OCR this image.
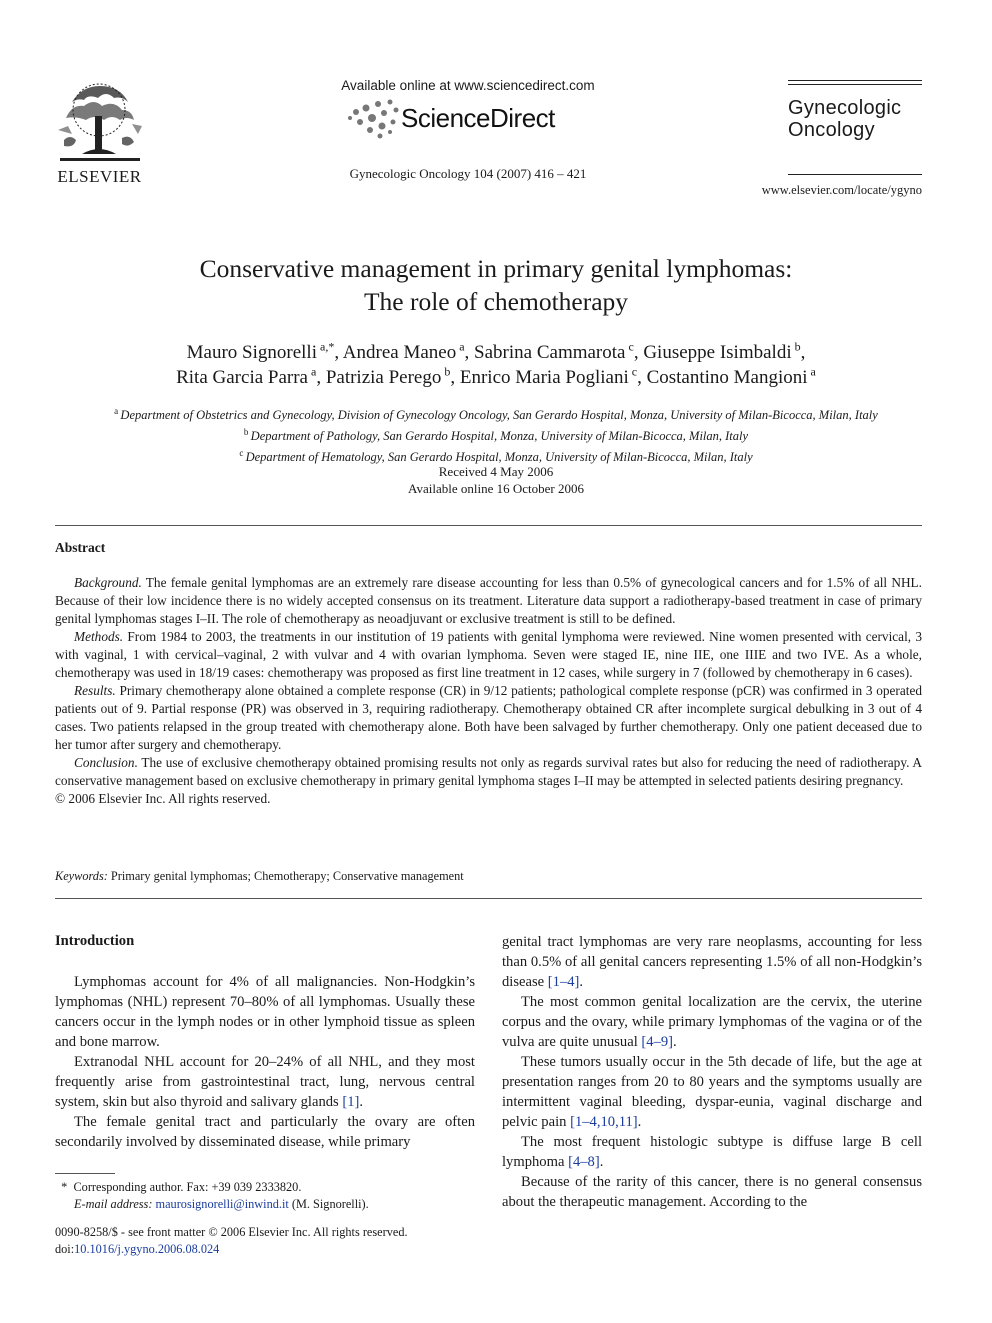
ELSEVIER
Available online at www.sciencedirect.com
ScienceDirect
Gynecologic Oncology 104 (2007) 416 – 421
Gynecologic
Oncology
www.elsevier.com/locate/ygyno
Conservative management in primary genital lymphomas:
The role of chemotherapy
Mauro Signorelli $^{a,*}$, Andrea Maneo $^a$, Sabrina Cammarota $^c$, Giuseppe Isimbaldi $^b$,
Rita Garcia Parra $^a$, Patrizia Perego $^b$, Enrico Maria Pogliani $^c$, Costantino Mangioni $^a$
$^a$ Department of Obstetrics and Gynecology, Division of Gynecology Oncology, San Gerardo Hospital, Monza, University of Milan-Bicocca, Milan, Italy
$^b$ Department of Pathology, San Gerardo Hospital, Monza, University of Milan-Bicocca, Milan, Italy
$^c$ Department of Hematology, San Gerardo Hospital, Monza, University of Milan-Bicocca, Milan, Italy
Received 4 May 2006
Available online 16 October 2006
Abstract

Background. The female genital lymphomas are an extremely rare disease accounting for less than 0.5% of gynecological cancers and for 1.5% of all NHL. Because of their low incidence there is no widely accepted consensus on its treatment. Literature data support a radiotherapy-based treatment in case of primary genital lymphomas stages I–II. The role of chemotherapy as neoadjuvant or exclusive treatment is still to be defined.

Methods. From 1984 to 2003, the treatments in our institution of 19 patients with genital lymphoma were reviewed. Nine women presented with cervical, 3 with vaginal, 1 with cervical–vaginal, 2 with vulvar and 4 with ovarian lymphoma. Seven were staged IE, nine IIE, one IIIE and two IVE. As a whole, chemotherapy was used in 18/19 cases: chemotherapy was proposed as first line treatment in 12 cases, while surgery in 7 (followed by chemotherapy in 6 cases).

Results. Primary chemotherapy alone obtained a complete response (CR) in 9/12 patients; pathological complete response (pCR) was confirmed in 3 operated patients out of 9. Partial response (PR) was observed in 3, requiring radiotherapy. Chemotherapy obtained CR after incomplete surgical debulking in 3 out of 4 cases. Two patients relapsed in the group treated with chemotherapy alone. Both have been salvaged by further chemotherapy. Only one patient deceased due to her tumor after surgery and chemotherapy.

Conclusion. The use of exclusive chemotherapy obtained promising results not only as regards survival rates but also for reducing the need of radiotherapy. A conservative management based on exclusive chemotherapy in primary genital lymphoma stages I–II may be attempted in selected patients desiring pregnancy.

© 2006 Elsevier Inc. All rights reserved.

Keywords: Primary genital lymphomas; Chemotherapy; Conservative management
Introduction

Lymphomas account for 4% of all malignancies. Non-Hodgkin’s lymphomas (NHL) represent 70–80% of all lymphomas. Usually these cancers occur in the lymph nodes or in other lymphoid tissue as spleen and bone marrow.

Extranodal NHL account for 20–24% of all NHL, and they most frequently arise from gastrointestinal tract, lung, nervous central system, skin but also thyroid and salivary glands [1].

The female genital tract and particularly the ovary are often secondarily involved by disseminated disease, while primary

genital tract lymphomas are very rare neoplasms, accounting for less than 0.5% of all genital cancers representing 1.5% of all non-Hodgkin’s disease [1–4].

The most common genital localization are the cervix, the uterine corpus and the ovary, while primary lymphomas of the vagina or of the vulva are quite unusual [4–9].

These tumors usually occur in the 5th decade of life, but the age at presentation ranges from 20 to 80 years and the symptoms usually are intermittent vaginal bleeding, dyspar-eunia, vaginal discharge and pelvic pain [1–4,10,11].

The most frequent histologic subtype is diffuse large B cell lymphoma [4–8].

Because of the rarity of this cancer, there is no general consensus about the therapeutic management. According to the

* Corresponding author. Fax: +39 039 2333820.
E-mail address: maurosignorelli@inwind.it (M. Signorelli).
0090-8258/$ - see front matter © 2006 Elsevier Inc. All rights reserved.
doi:10.1016/j.ygyno.2006.08.024
